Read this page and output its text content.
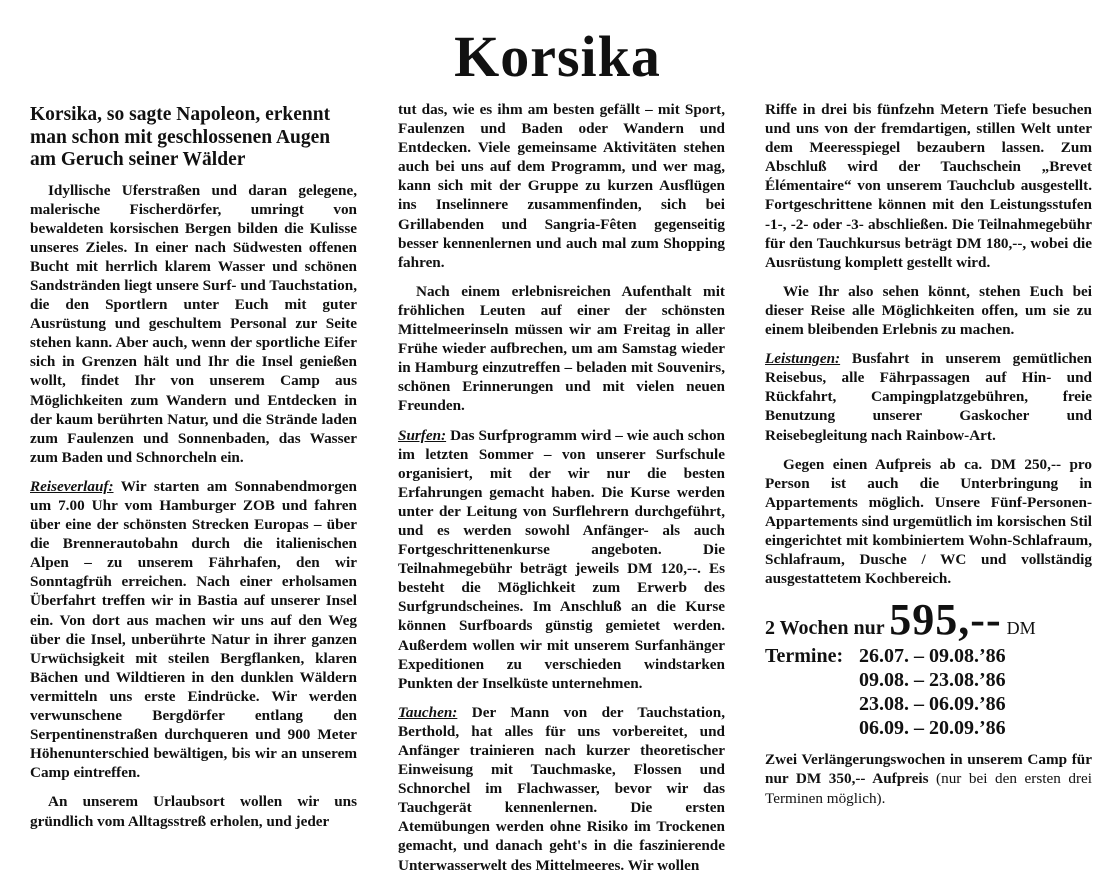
Korsika
Korsika, so sagte Napoleon, erkennt man schon mit geschlossenen Augen am Geruch seiner Wälder

Idyllische Uferstraßen und daran gelegene, malerische Fischerdörfer, umringt von bewaldeten korsischen Bergen bilden die Kulisse unseres Zieles. In einer nach Südwesten offenen Bucht mit herrlich klarem Wasser und schönen Sandstränden liegt unsere Surf- und Tauchstation, die den Sportlern unter Euch mit guter Ausrüstung und geschultem Personal zur Seite stehen kann. Aber auch, wenn der sportliche Eifer sich in Grenzen hält und Ihr die Insel genießen wollt, findet Ihr von unserem Camp aus Möglichkeiten zum Wandern und Entdecken in der kaum berührten Natur, und die Strände laden zum Faulenzen und Sonnenbaden, das Wasser zum Baden und Schnorcheln ein.

Reiseverlauf: Wir starten am Sonnabendmorgen um 7.00 Uhr vom Hamburger ZOB und fahren über eine der schönsten Strecken Europas – über die Brennerautobahn durch die italienischen Alpen – zu unserem Fährhafen, den wir Sonntagfrüh erreichen. Nach einer erholsamen Überfahrt treffen wir in Bastia auf unserer Insel ein. Von dort aus machen wir uns auf den Weg über die Insel, unberührte Natur in ihrer ganzen Urwüchsigkeit mit steilen Bergflanken, klaren Bächen und Wildtieren in den dunklen Wäldern vermitteln uns erste Eindrücke. Wir werden verwunschene Bergdörfer entlang den Serpentinenstraßen durchqueren und 900 Meter Höhenunterschied bewältigen, bis wir an unserem Camp eintreffen.

An unserem Urlaubsort wollen wir uns gründlich vom Alltagsstreß erholen, und jeder

tut das, wie es ihm am besten gefällt – mit Sport, Faulenzen und Baden oder Wandern und Entdecken. Viele gemeinsame Aktivitäten stehen auch bei uns auf dem Programm, und wer mag, kann sich mit der Gruppe zu kurzen Ausflügen ins Inselinnere zusammenfinden, sich bei Grillabenden und Sangria-Fêten gegenseitig besser kennenlernen und auch mal zum Shopping fahren.

Nach einem erlebnisreichen Aufenthalt mit fröhlichen Leuten auf einer der schönsten Mittelmeerinseln müssen wir am Freitag in aller Frühe wieder aufbrechen, um am Samstag wieder in Hamburg einzutreffen – beladen mit Souvenirs, schönen Erinnerungen und mit vielen neuen Freunden.

Surfen: Das Surfprogramm wird – wie auch schon im letzten Sommer – von unserer Surfschule organisiert, mit der wir nur die besten Erfahrungen gemacht haben. Die Kurse werden unter der Leitung von Surflehrern durchgeführt, und es werden sowohl Anfänger- als auch Fortgeschrittenenkurse angeboten. Die Teilnahmegebühr beträgt jeweils DM 120,--. Es besteht die Möglichkeit zum Erwerb des Surfgrundscheines. Im Anschluß an die Kurse können Surfboards günstig gemietet werden. Außerdem wollen wir mit unserem Surfanhänger Expeditionen zu verschieden windstarken Punkten der Inselküste unternehmen.

Tauchen: Der Mann von der Tauchstation, Berthold, hat alles für uns vorbereitet, und Anfänger trainieren nach kurzer theoretischer Einweisung mit Tauchmaske, Flossen und Schnorchel im Flachwasser, bevor wir das Tauchgerät kennenlernen. Die ersten Atemübungen werden ohne Risiko im Trockenen gemacht, und danach geht's in die faszinierende Unterwasserwelt des Mittelmeeres. Wir wollen

Riffe in drei bis fünfzehn Metern Tiefe besuchen und uns von der fremdartigen, stillen Welt unter dem Meeresspiegel bezaubern lassen. Zum Abschluß wird der Tauchschein „Brevet Élémentaire“ von unserem Tauchclub ausgestellt. Fortgeschrittene können mit den Leistungsstufen -1-, -2- oder -3- abschließen. Die Teilnahmegebühr für den Tauchkursus beträgt DM 180,--, wobei die Ausrüstung komplett gestellt wird.

Wie Ihr also sehen könnt, stehen Euch bei dieser Reise alle Möglichkeiten offen, um sie zu einem bleibenden Erlebnis zu machen.

Leistungen: Busfahrt in unserem gemütlichen Reisebus, alle Fährpassagen auf Hin- und Rückfahrt, Campingplatzgebühren, freie Benutzung unserer Gaskocher und Reisebegleitung nach Rainbow-Art.

Gegen einen Aufpreis ab ca. DM 250,-- pro Person ist auch die Unterbringung in Appartements möglich. Unsere Fünf-Personen-Appartements sind urgemütlich im korsischen Stil eingerichtet mit kombiniertem Wohn-Schlafraum, Schlafraum, Dusche / WC und vollständig ausgestattetem Kochbereich.

2 Wochen nur 595,-- DM
Termine: 26.07. – 09.08.’86
09.08. – 23.08.’86
23.08. – 06.09.’86
06.09. – 20.09.’86

Zwei Verlängerungswochen in unserem Camp für nur DM 350,-- Aufpreis (nur bei den ersten drei Terminen möglich).
